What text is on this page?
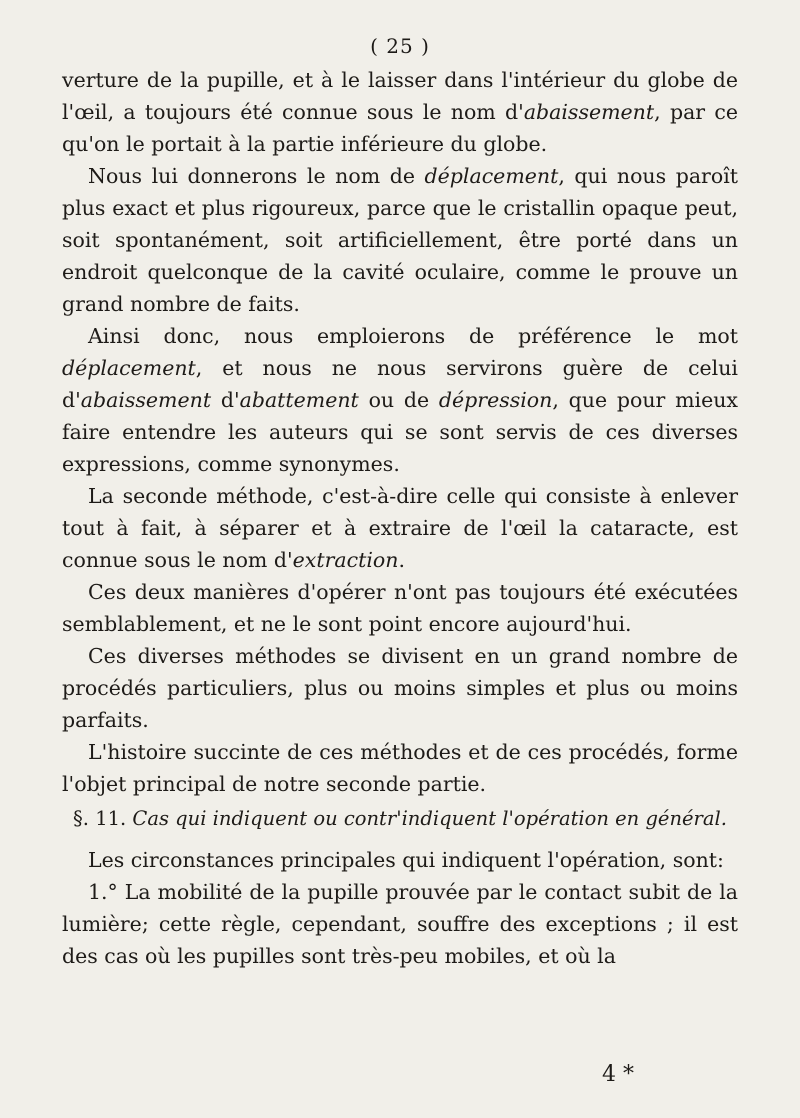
( 25 )

verture de la pupille, et à le laisser dans l'intérieur du globe de l'œil, a toujours été connue sous le nom d'abaissement, par ce qu'on le portait à la partie inférieure du globe.

Nous lui donnerons le nom de déplacement, qui nous paroît plus exact et plus rigoureux, parce que le cristallin opaque peut, soit spontanément, soit artificiellement, être porté dans un endroit quelconque de la cavité oculaire, comme le prouve un grand nombre de faits.

Ainsi donc, nous emploierons de préférence le mot déplacement, et nous ne nous servirons guère de celui d'abaissement d'abattement ou de dépression, que pour mieux faire entendre les auteurs qui se sont servis de ces diverses expressions, comme synonymes.

La seconde méthode, c'est-à-dire celle qui consiste à enlever tout à fait, à séparer et à extraire de l'œil la cataracte, est connue sous le nom d'extraction.

Ces deux manières d'opérer n'ont pas toujours été exécutées semblablement, et ne le sont point encore aujourd'hui.

Ces diverses méthodes se divisent en un grand nombre de procédés particuliers, plus ou moins simples et plus ou moins parfaits.

L'histoire succinte de ces méthodes et de ces procédés, forme l'objet principal de notre seconde partie.

§. 11. Cas qui indiquent ou contr'indiquent l'opération en général.

Les circonstances principales qui indiquent l'opération, sont:

1.° La mobilité de la pupille prouvée par le contact subit de la lumière; cette règle, cependant, souffre des exceptions ; il est des cas où les pupilles sont très-peu mobiles, et où la

4 *
